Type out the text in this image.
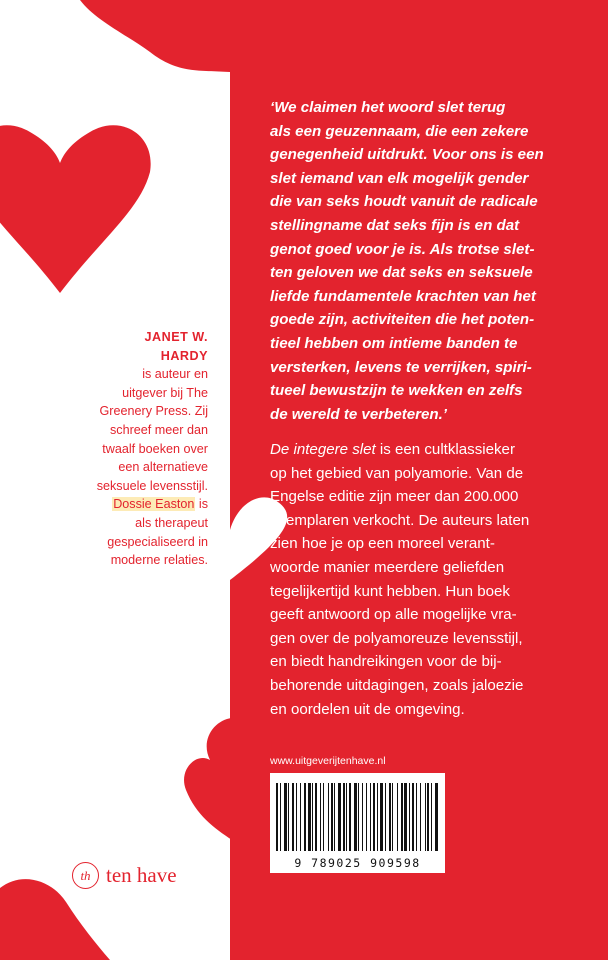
JANET W. HARDY
is auteur en uitgever bij The Greenery Press. Zij schreef meer dan twaalf boeken over een alternatieve seksuele levensstijl. Dossie Easton is als therapeut gespecialiseerd in moderne relaties.
‘We claimen het woord slet terug
als een geuzennaam, die een zekere
genegenheid uitdrukt. Voor ons is een
slet iemand van elk mogelijk gender
die van seks houdt vanuit de radicale
stellingname dat seks fijn is en dat
genot goed voor je is. Als trotse slet-
ten geloven we dat seks en seksuele
liefde fundamentele krachten van het
goede zijn, activiteiten die het poten-
tieel hebben om intieme banden te
versterken, levens te verrijken, spiri-
tueel bewustzijn te wekken en zelfs
de wereld te verbeteren.’
De integere slet is een cultklassieker
op het gebied van polyamorie. Van de
Engelse editie zijn meer dan 200.000
exemplaren verkocht. De auteurs laten
zien hoe je op een moreel verant-
woorde manier meerdere geliefden
tegelijkertijd kunt hebben. Hun boek
geeft antwoord op alle mogelijke vra-
gen over de polyamoreuze levensstijl,
en biedt handreikingen voor de bij-
behorende uitdagingen, zoals jaloezie
en oordelen uit de omgeving.
www.uitgeverijtenhave.nl
9 789025 909598
th ten have
